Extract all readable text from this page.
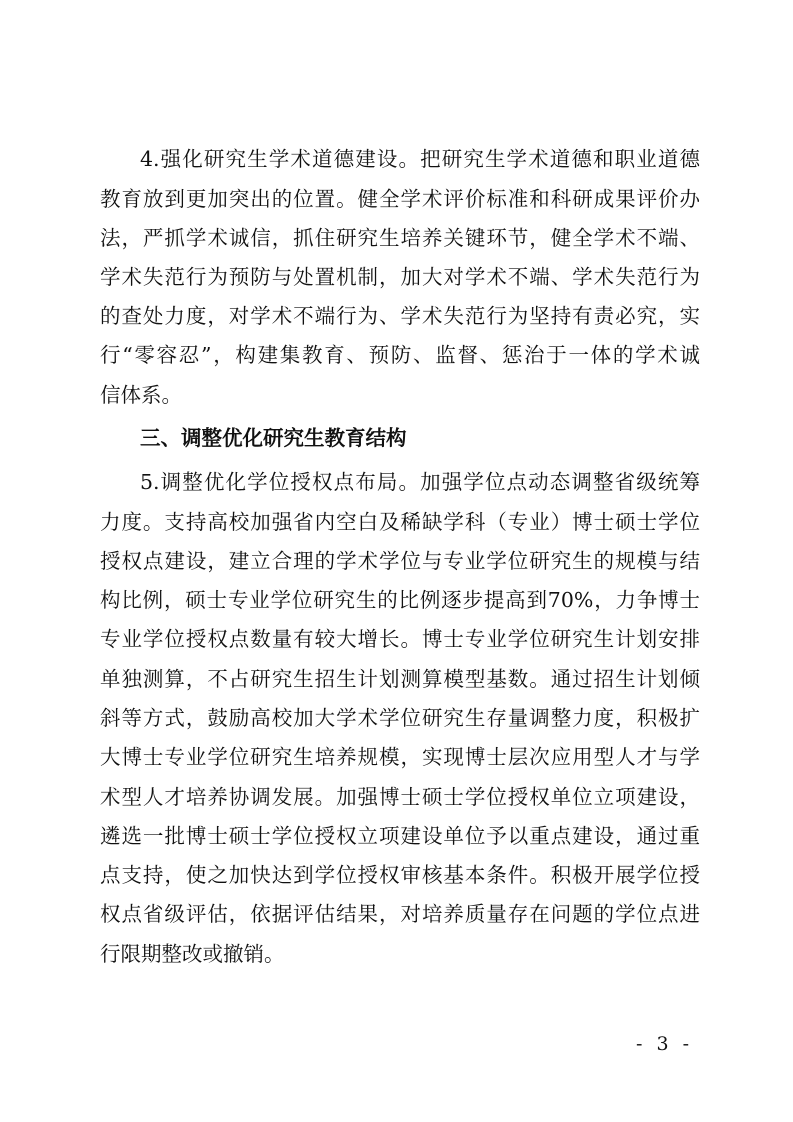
4.强化研究生学术道德建设。把研究生学术道德和职业道德
教育放到更加突出的位置。健全学术评价标准和科研成果评价办
法，严抓学术诚信，抓住研究生培养关键环节，健全学术不端、
学术失范行为预防与处置机制，加大对学术不端、学术失范行为
的查处力度，对学术不端行为、学术失范行为坚持有责必究，实
行“零容忍”，构建集教育、预防、监督、惩治于一体的学术诚
信体系。
三、调整优化研究生教育结构
5.调整优化学位授权点布局。加强学位点动态调整省级统筹
力度。支持高校加强省内空白及稀缺学科（专业）博士硕士学位
授权点建设，建立合理的学术学位与专业学位研究生的规模与结
构比例，硕士专业学位研究生的比例逐步提高到70%，力争博士
专业学位授权点数量有较大增长。博士专业学位研究生计划安排
单独测算，不占研究生招生计划测算模型基数。通过招生计划倾
斜等方式，鼓励高校加大学术学位研究生存量调整力度，积极扩
大博士专业学位研究生培养规模，实现博士层次应用型人才与学
术型人才培养协调发展。加强博士硕士学位授权单位立项建设，
遴选一批博士硕士学位授权立项建设单位予以重点建设，通过重
点支持，使之加快达到学位授权审核基本条件。积极开展学位授
权点省级评估，依据评估结果，对培养质量存在问题的学位点进
行限期整改或撤销。
- 3 -
